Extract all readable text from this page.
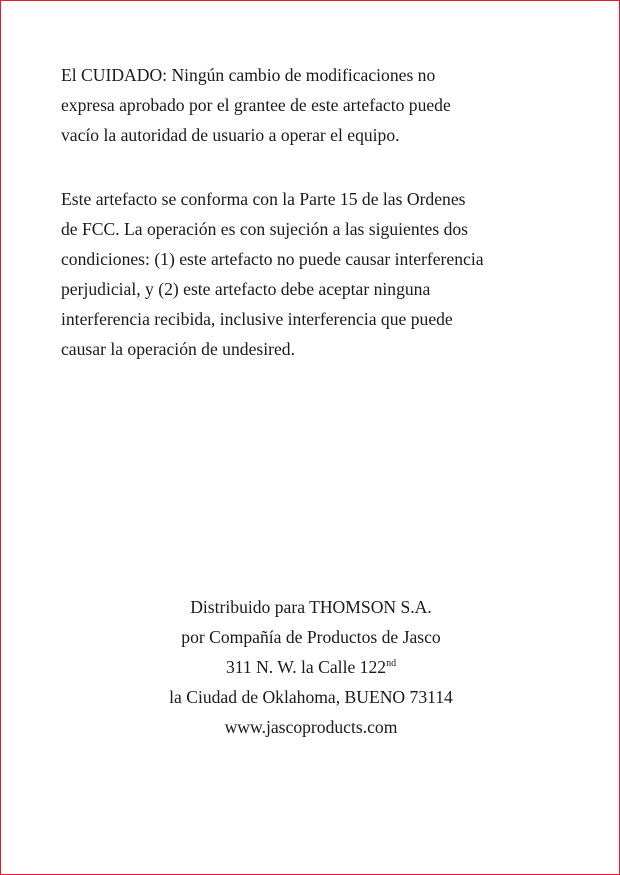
El CUIDADO: Ningún cambio de modificaciones no
expresa aprobado por el grantee de este artefacto puede
vacío la autoridad de usuario a operar el equipo.
Este artefacto se conforma con la Parte 15 de las Ordenes
de FCC. La operación es con sujeción a las siguientes dos
condiciones: (1) este artefacto no puede causar interferencia
perjudicial, y (2) este artefacto debe aceptar ninguna
interferencia recibida, inclusive interferencia que puede
causar la operación de undesired.
Distribuido para THOMSON S.A.
por Compañía de Productos de Jasco
311 N. W. la Calle 122nd
la Ciudad de Oklahoma, BUENO 73114
www.jascoproducts.com
